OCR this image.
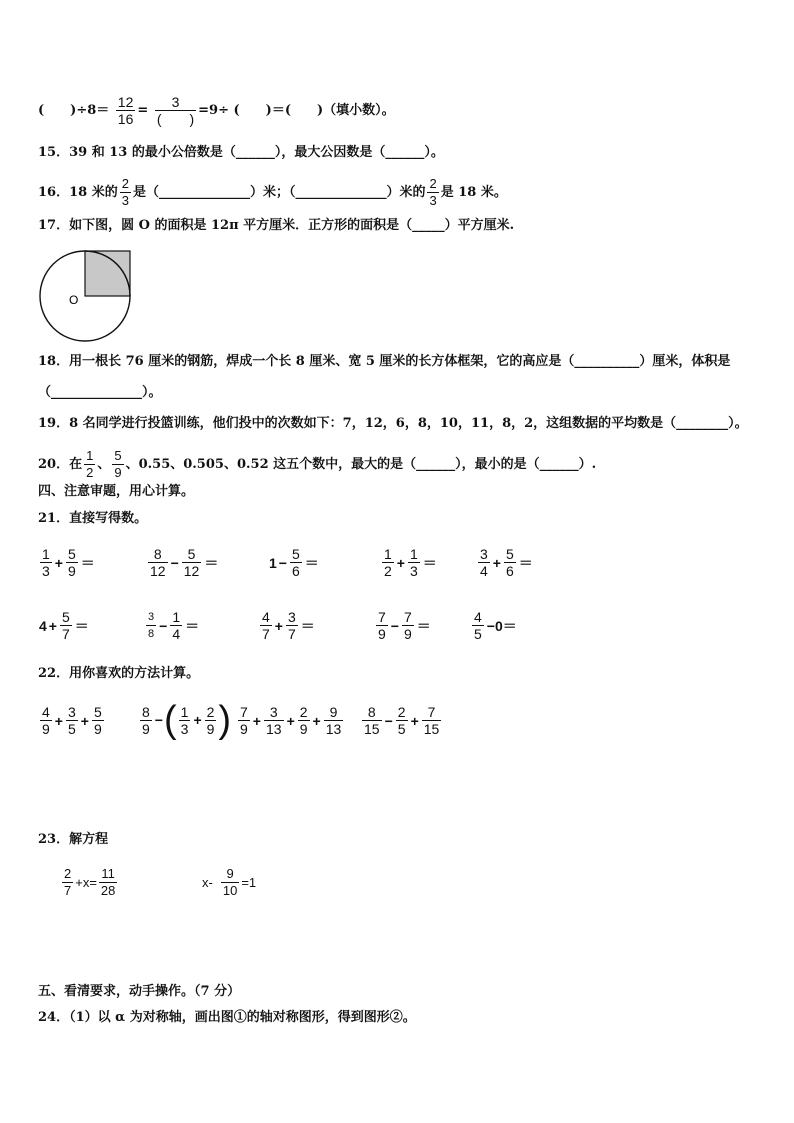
(　　)$\div 8= \frac{12}{16} = \frac{3}{( )} =9\div$ (　　)＝(　　)（填小数）。
15．39 和 13 的最小公倍数是（______），最大公因数是（______）。
16．18 米的 $\frac{2}{3}$ 是（______________）米；（______________）米的 $\frac{2}{3}$ 是 18 米。
17．如下图，圆 O 的面积是 12π 平方厘米．正方形的面积是（_____）平方厘米.
O
18．用一根长 76 厘米的钢筋，焊成一个长 8 厘米、宽 5 厘米的长方体框架，它的高应是（__________）厘米，体积是
（______________）。
19．8 名同学进行投篮训练，他们投中的次数如下：7，12，6，8，10，11，8，2，这组数据的平均数是（________）。
20．在 $\frac{1}{2}$ 、 $\frac{5}{9}$ 、0.55、0.505、0.52 这五个数中，最大的是（______），最小的是（______）.
四、注意审题，用心计算。
21．直接写得数。
$\frac{1}{3} + \frac{5}{9}$ ＝	$\frac{8}{12} - \frac{5}{12}$ ＝	$1 - \frac{5}{6}$ ＝	$\frac{1}{2} + \frac{1}{3}$ ＝	$\frac{3}{4} + \frac{5}{6}$ ＝
$4 + \frac{5}{7}$ ＝	$\frac{3}{8} - \frac{1}{4}$ ＝	$\frac{4}{7} + \frac{3}{7}$ ＝	$\frac{7}{9} - \frac{7}{9}$ ＝	$\frac{4}{5} -0=$
22．用你喜欢的方法计算。
$\frac{4}{9} + \frac{3}{5} + \frac{5}{9}$	$\frac{8}{9}$ −( $\frac{1}{3} + \frac{2}{9}$ ) $\frac{7}{9} + \frac{3}{13} + \frac{2}{9} + \frac{9}{13} \frac{8}{15} - \frac{2}{5} + \frac{7}{15}$
23．解方程
$\frac{2}{7} +x= \frac{11}{28}$	$x- \frac{9}{10} =1$
五、看清要求，动手操作。（7 分）
24．（1）以 α 为对称轴，画出图①的轴对称图形，得到图形②。
